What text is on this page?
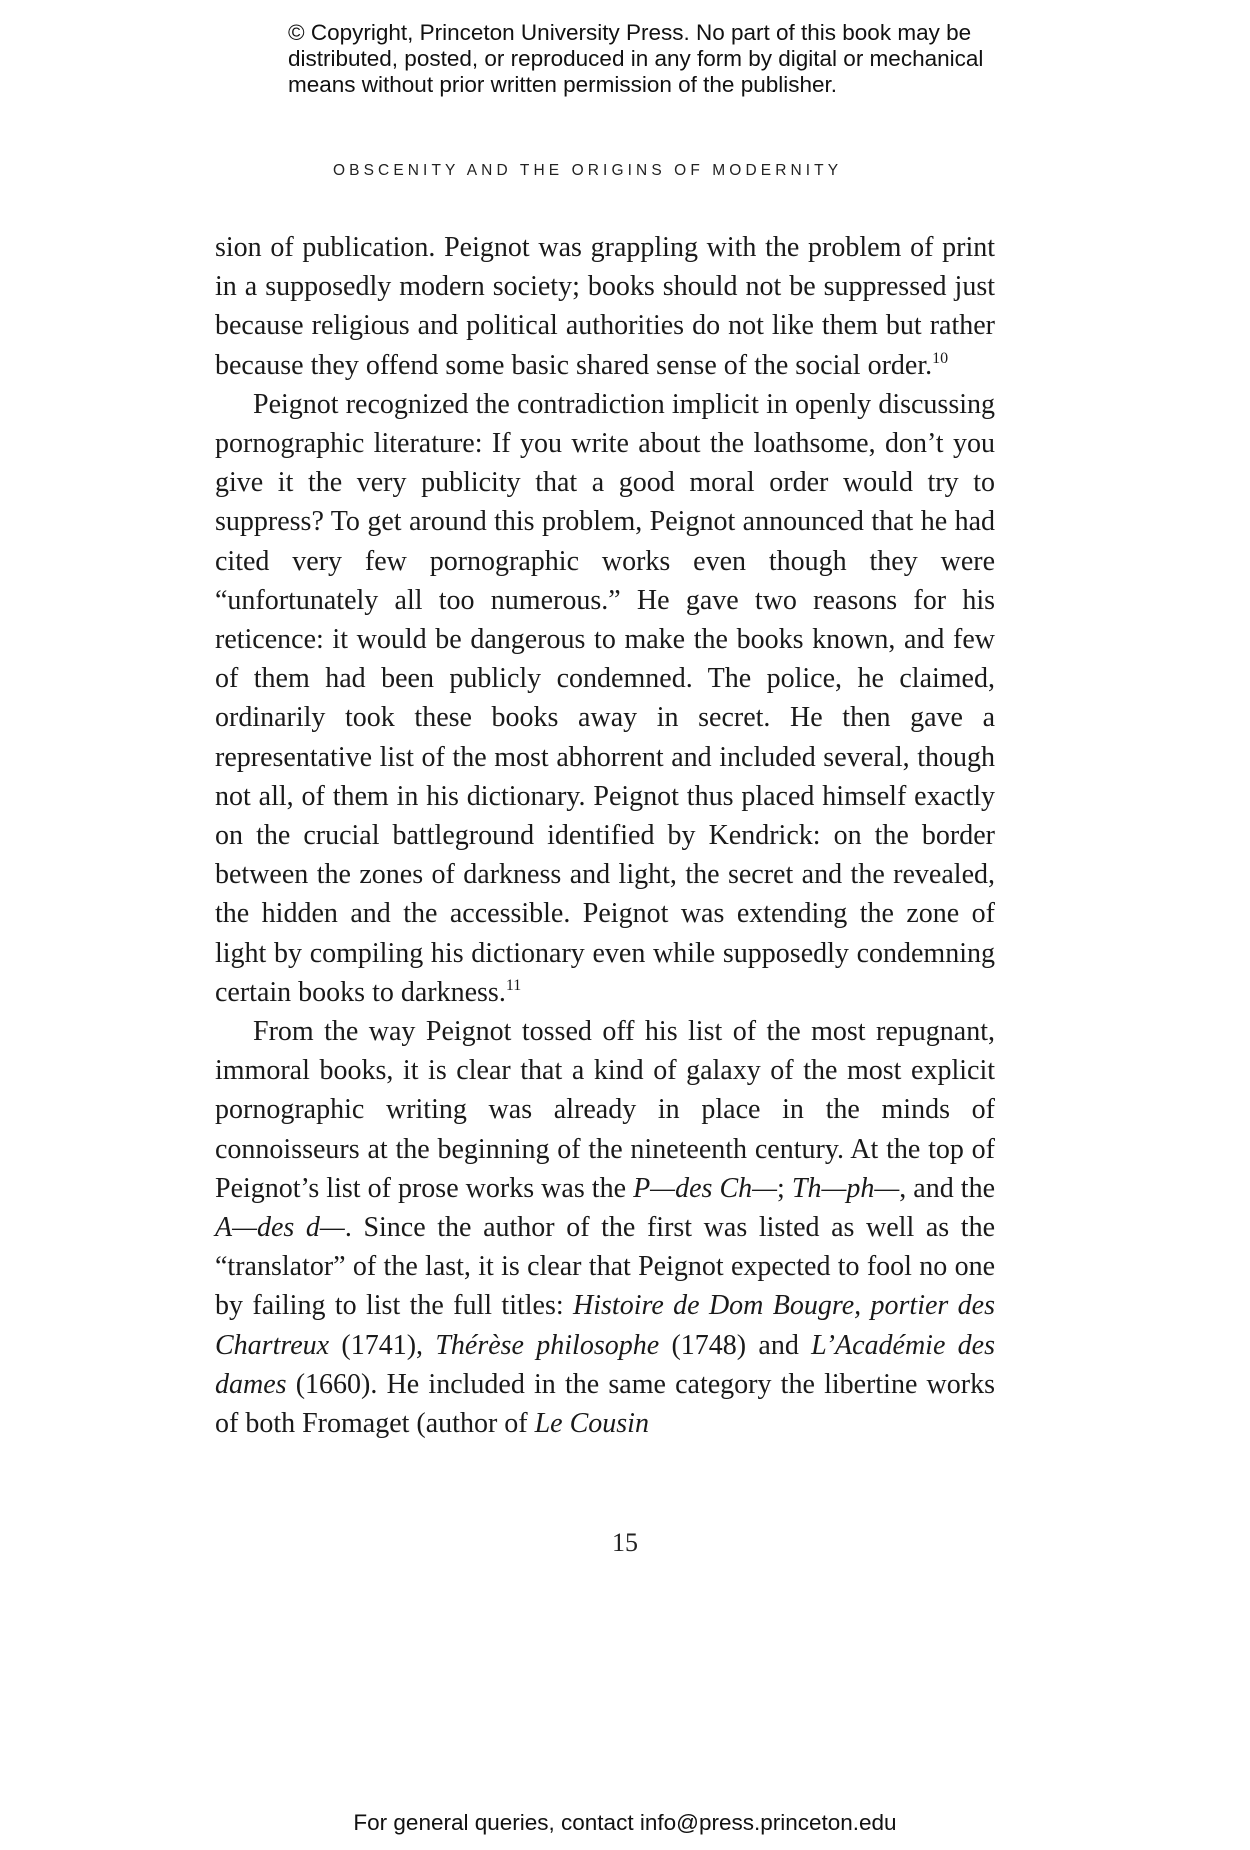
© Copyright, Princeton University Press. No part of this book may be
distributed, posted, or reproduced in any form by digital or mechanical
means without prior written permission of the publisher.
OBSCENITY AND THE ORIGINS OF MODERNITY

sion of publication. Peignot was grappling with the problem of print in a supposedly modern society; books should not be suppressed just because religious and political authorities do not like them but rather because they offend some basic shared sense of the social order.$^{10}$

Peignot recognized the contradiction implicit in openly discussing pornographic literature: If you write about the loathsome, don’t you give it the very publicity that a good moral order would try to suppress? To get around this problem, Peignot announced that he had cited very few pornographic works even though they were “unfortunately all too numerous.” He gave two reasons for his reticence: it would be dangerous to make the books known, and few of them had been publicly condemned. The police, he claimed, ordinarily took these books away in secret. He then gave a representative list of the most abhorrent and included several, though not all, of them in his dictionary. Peignot thus placed himself exactly on the crucial battleground identified by Kendrick: on the border between the zones of darkness and light, the secret and the revealed, the hidden and the accessible. Peignot was extending the zone of light by compiling his dictionary even while supposedly condemning certain books to darkness.$^{11}$

From the way Peignot tossed off his list of the most repugnant, immoral books, it is clear that a kind of galaxy of the most explicit pornographic writing was already in place in the minds of connoisseurs at the beginning of the nineteenth century. At the top of Peignot’s list of prose works was the P—des Ch—; Th—ph—, and the A—des d—. Since the author of the first was listed as well as the “translator” of the last, it is clear that Peignot expected to fool no one by failing to list the full titles: Histoire de Dom Bougre, portier des Chartreux (1741), Thérèse philosophe (1748) and L’Académie des dames (1660). He included in the same category the libertine works of both Fromaget (author of Le Cousin

15
For general queries, contact info@press.princeton.edu
